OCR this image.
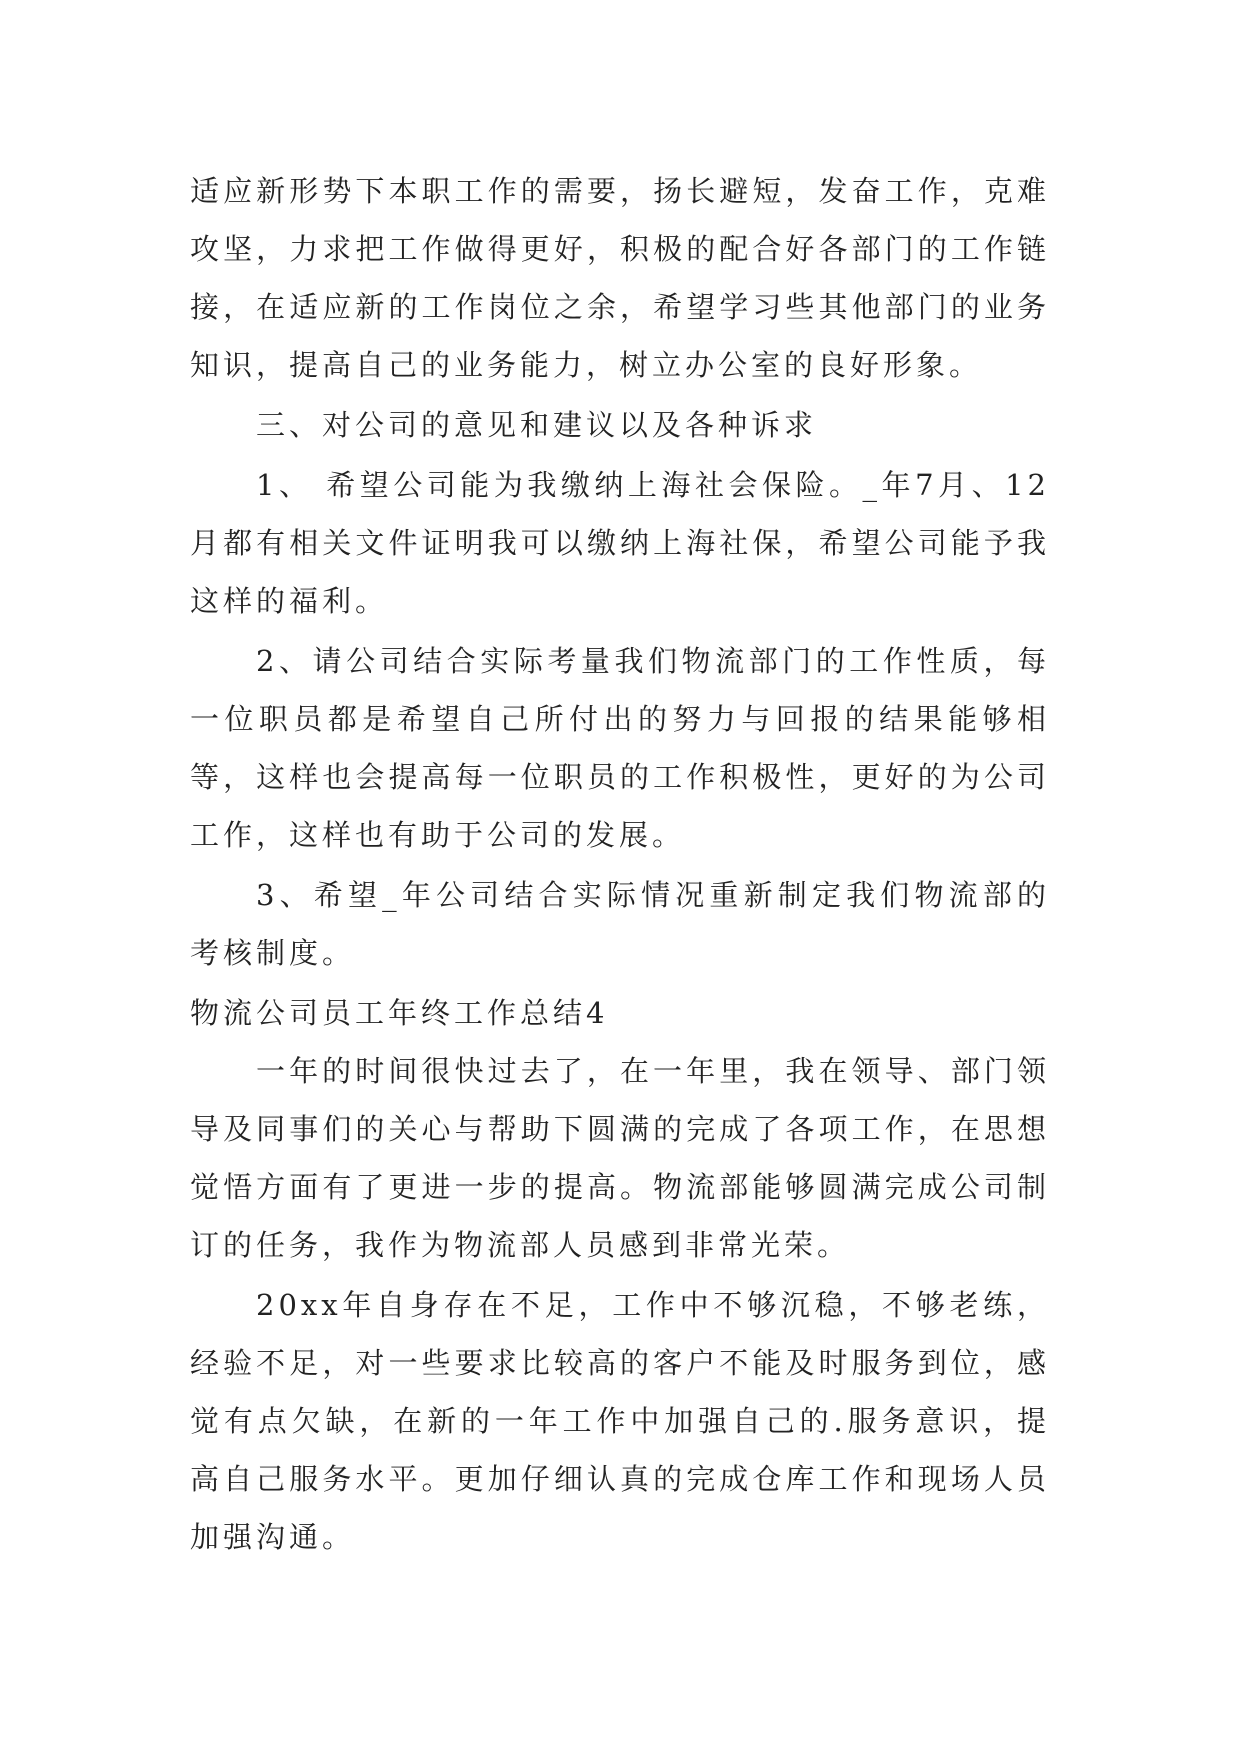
适应新形势下本职工作的需要，扬长避短，发奋工作，克难攻坚，力求把工作做得更好，积极的配合好各部门的工作链接，在适应新的工作岗位之余，希望学习些其他部门的业务知识，提高自己的业务能力，树立办公室的良好形象。

三、对公司的意见和建议以及各种诉求

1、 希望公司能为我缴纳上海社会保险。_年7月、12月都有相关文件证明我可以缴纳上海社保，希望公司能予我这样的福利。

2、请公司结合实际考量我们物流部门的工作性质，每一位职员都是希望自己所付出的努力与回报的结果能够相等，这样也会提高每一位职员的工作积极性，更好的为公司工作，这样也有助于公司的发展。

3、希望_年公司结合实际情况重新制定我们物流部的考核制度。

物流公司员工年终工作总结4

一年的时间很快过去了，在一年里，我在领导、部门领导及同事们的关心与帮助下圆满的完成了各项工作，在思想觉悟方面有了更进一步的提高。物流部能够圆满完成公司制订的任务，我作为物流部人员感到非常光荣。

20xx年自身存在不足，工作中不够沉稳，不够老练，经验不足，对一些要求比较高的客户不能及时服务到位，感觉有点欠缺，在新的一年工作中加强自己的.服务意识，提高自己服务水平。更加仔细认真的完成仓库工作和现场人员加强沟通。
